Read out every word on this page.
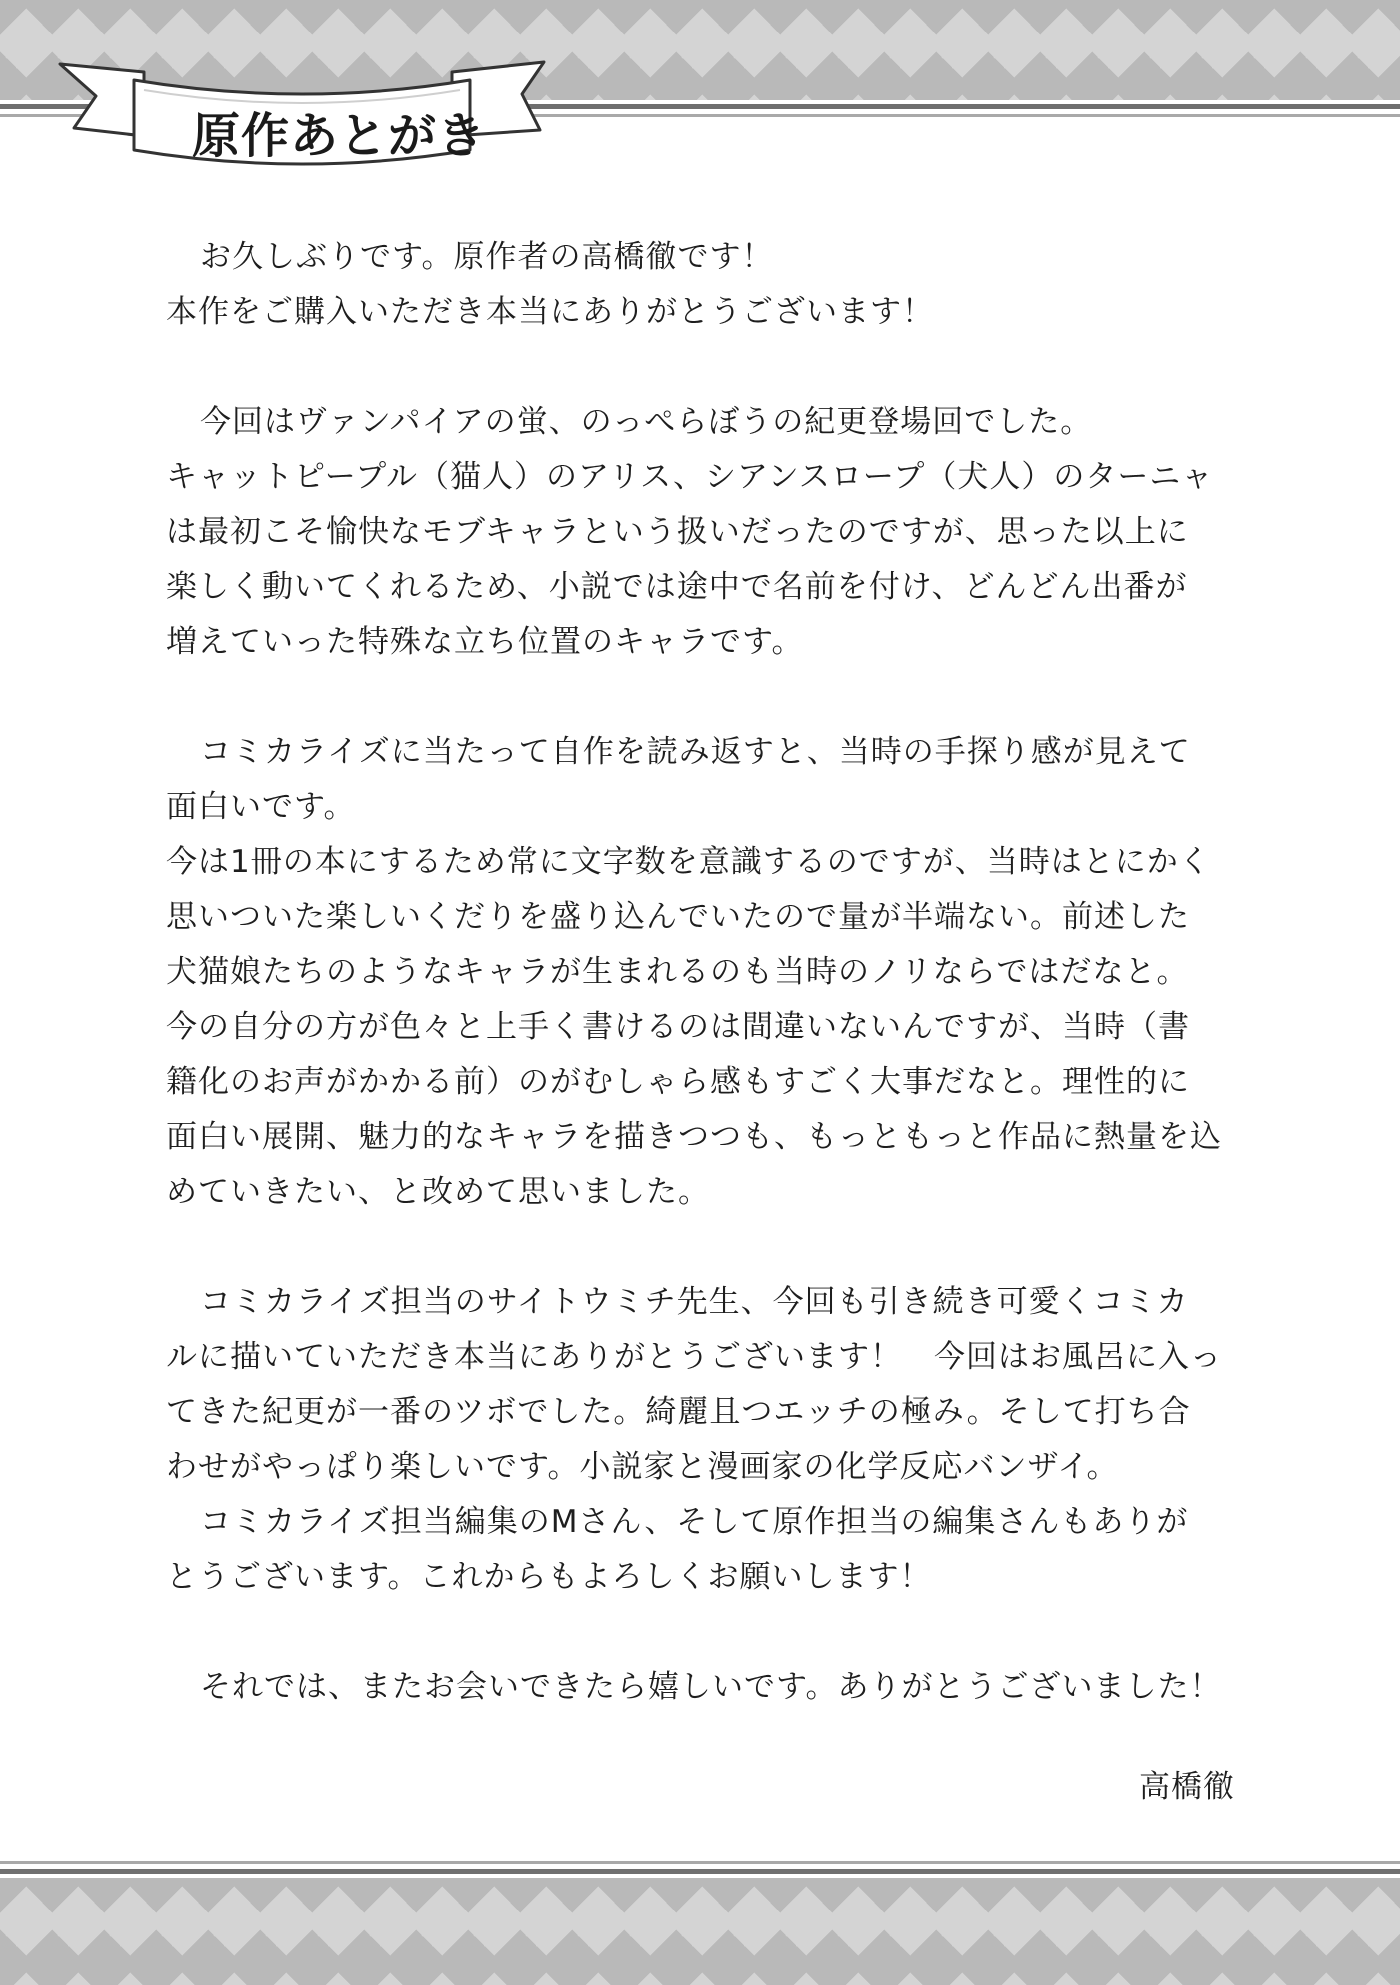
原作あとがき
お久しぶりです。原作者の高橋徹です！
本作をご購入いただき本当にありがとうございます！
今回はヴァンパイアの蛍、のっぺらぼうの紀更登場回でした。
キャットピープル（猫人）のアリス、シアンスロープ（犬人）のターニャ
は最初こそ愉快なモブキャラという扱いだったのですが、思った以上に
楽しく動いてくれるため、小説では途中で名前を付け、どんどん出番が
増えていった特殊な立ち位置のキャラです。
コミカライズに当たって自作を読み返すと、当時の手探り感が見えて
面白いです。
今は1冊の本にするため常に文字数を意識するのですが、当時はとにかく
思いついた楽しいくだりを盛り込んでいたので量が半端ない。前述した
犬猫娘たちのようなキャラが生まれるのも当時のノリならではだなと。
今の自分の方が色々と上手く書けるのは間違いないんですが、当時（書
籍化のお声がかかる前）のがむしゃら感もすごく大事だなと。理性的に
面白い展開、魅力的なキャラを描きつつも、もっともっと作品に熱量を込
めていきたい、と改めて思いました。
コミカライズ担当のサイトウミチ先生、今回も引き続き可愛くコミカ
ルに描いていただき本当にありがとうございます！　今回はお風呂に入っ
てきた紀更が一番のツボでした。綺麗且つエッチの極み。そして打ち合
わせがやっぱり楽しいです。小説家と漫画家の化学反応バンザイ。
コミカライズ担当編集のMさん、そして原作担当の編集さんもありが
とうございます。これからもよろしくお願いします！
それでは、またお会いできたら嬉しいです。ありがとうございました！
高橋徹
